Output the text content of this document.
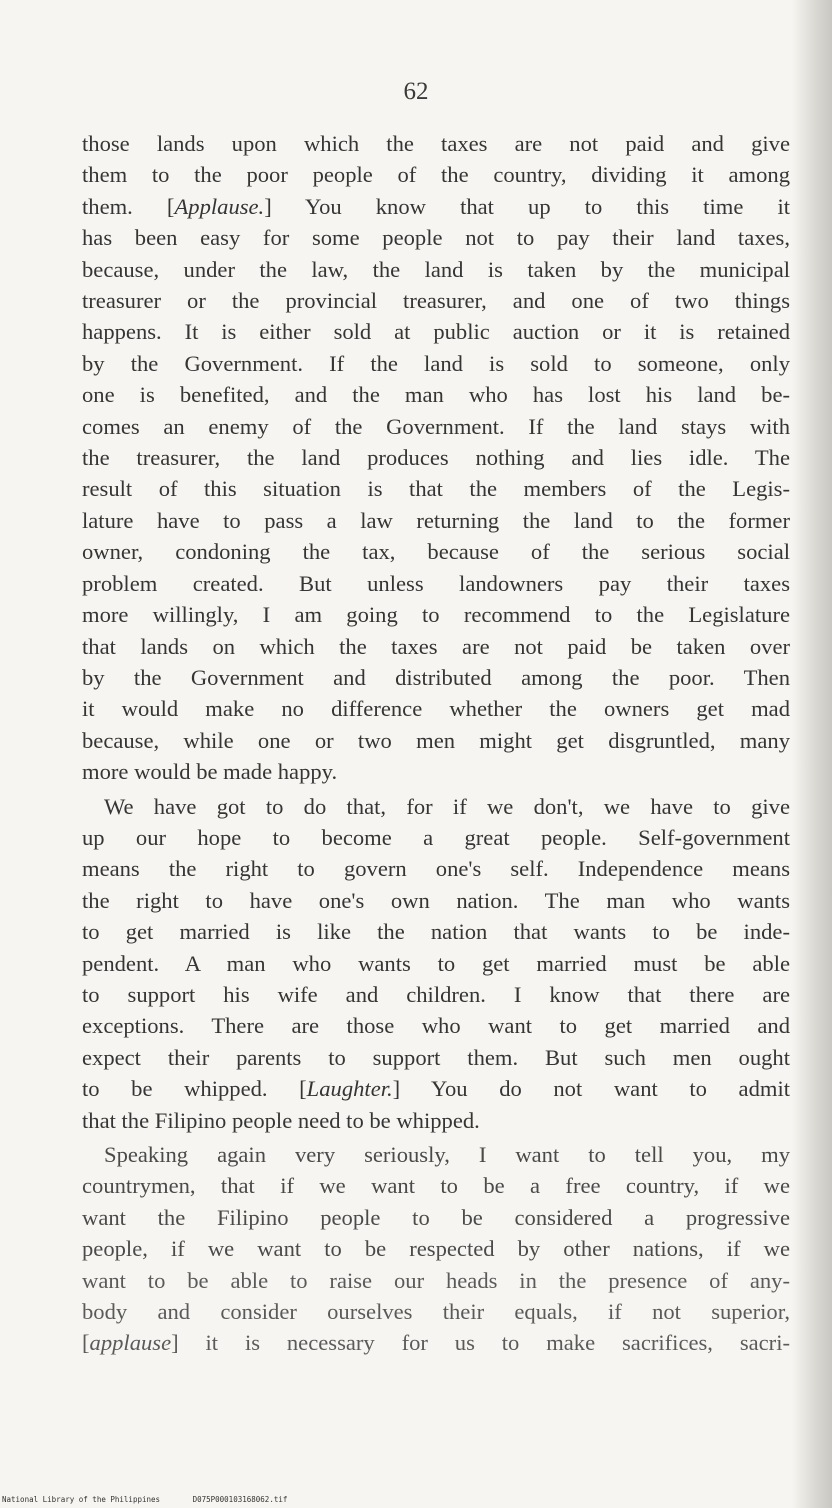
62

those lands upon which the taxes are not paid and give
them to the poor people of the country, dividing it among
them. [Applause.] You know that up to this time it
has been easy for some people not to pay their land taxes,
because, under the law, the land is taken by the municipal
treasurer or the provincial treasurer, and one of two things
happens. It is either sold at public auction or it is retained
by the Government. If the land is sold to someone, only
one is benefited, and the man who has lost his land be-
comes an enemy of the Government. If the land stays with
the treasurer, the land produces nothing and lies idle. The
result of this situation is that the members of the Legis-
lature have to pass a law returning the land to the former
owner, condoning the tax, because of the serious social
problem created. But unless landowners pay their taxes
more willingly, I am going to recommend to the Legislature
that lands on which the taxes are not paid be taken over
by the Government and distributed among the poor. Then
it would make no difference whether the owners get mad
because, while one or two men might get disgruntled, many
more would be made happy.

We have got to do that, for if we don't, we have to give
up our hope to become a great people. Self-government
means the right to govern one's self. Independence means
the right to have one's own nation. The man who wants
to get married is like the nation that wants to be inde-
pendent. A man who wants to get married must be able
to support his wife and children. I know that there are
exceptions. There are those who want to get married and
expect their parents to support them. But such men ought
to be whipped. [Laughter.] You do not want to admit
that the Filipino people need to be whipped.

Speaking again very seriously, I want to tell you, my
countrymen, that if we want to be a free country, if we
want the Filipino people to be considered a progressive
people, if we want to be respected by other nations, if we
want to be able to raise our heads in the presence of any-
body and consider ourselves their equals, if not superior,
[applause] it is necessary for us to make sacrifices, sacri-

National Library of the Philippines	D075P000103168062.tif
